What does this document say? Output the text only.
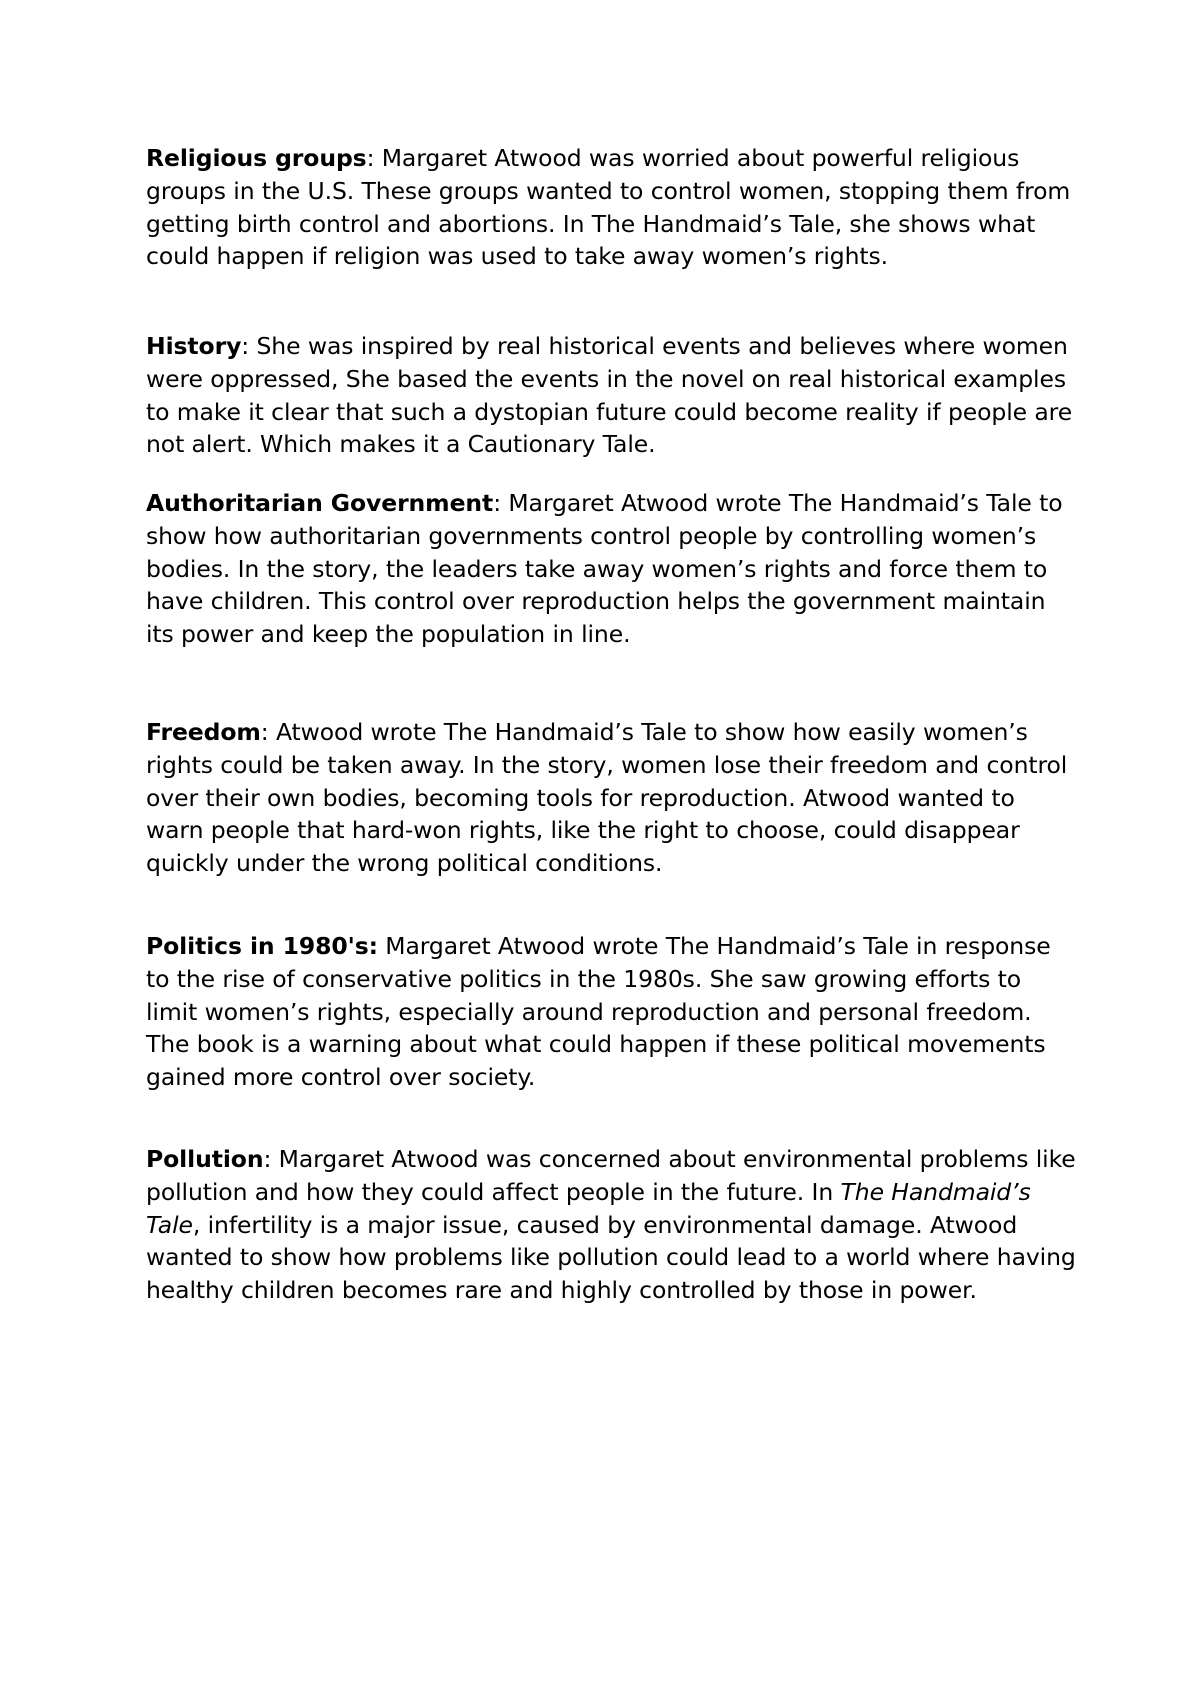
Religious groups: Margaret Atwood was worried about powerful religious groups in the U.S. These groups wanted to control women, stopping them from getting birth control and abortions. In The Handmaid’s Tale, she shows what could happen if religion was used to take away women’s rights.

History: She was inspired by real historical events and believes where women were oppressed, She based the events in the novel on real historical examples to make it clear that such a dystopian future could become reality if people are not alert. Which makes it a Cautionary Tale.

Authoritarian Government: Margaret Atwood wrote The Handmaid’s Tale to show how authoritarian governments control people by controlling women’s bodies. In the story, the leaders take away women’s rights and force them to have children. This control over reproduction helps the government maintain its power and keep the population in line.

Freedom: Atwood wrote The Handmaid’s Tale to show how easily women’s rights could be taken away. In the story, women lose their freedom and control over their own bodies, becoming tools for reproduction. Atwood wanted to warn people that hard-won rights, like the right to choose, could disappear quickly under the wrong political conditions.

Politics in 1980's: Margaret Atwood wrote The Handmaid’s Tale in response to the rise of conservative politics in the 1980s. She saw growing efforts to limit women’s rights, especially around reproduction and personal freedom. The book is a warning about what could happen if these political movements gained more control over society.

Pollution: Margaret Atwood was concerned about environmental problems like pollution and how they could affect people in the future. In The Handmaid’s Tale, infertility is a major issue, caused by environmental damage. Atwood wanted to show how problems like pollution could lead to a world where having healthy children becomes rare and highly controlled by those in power.
